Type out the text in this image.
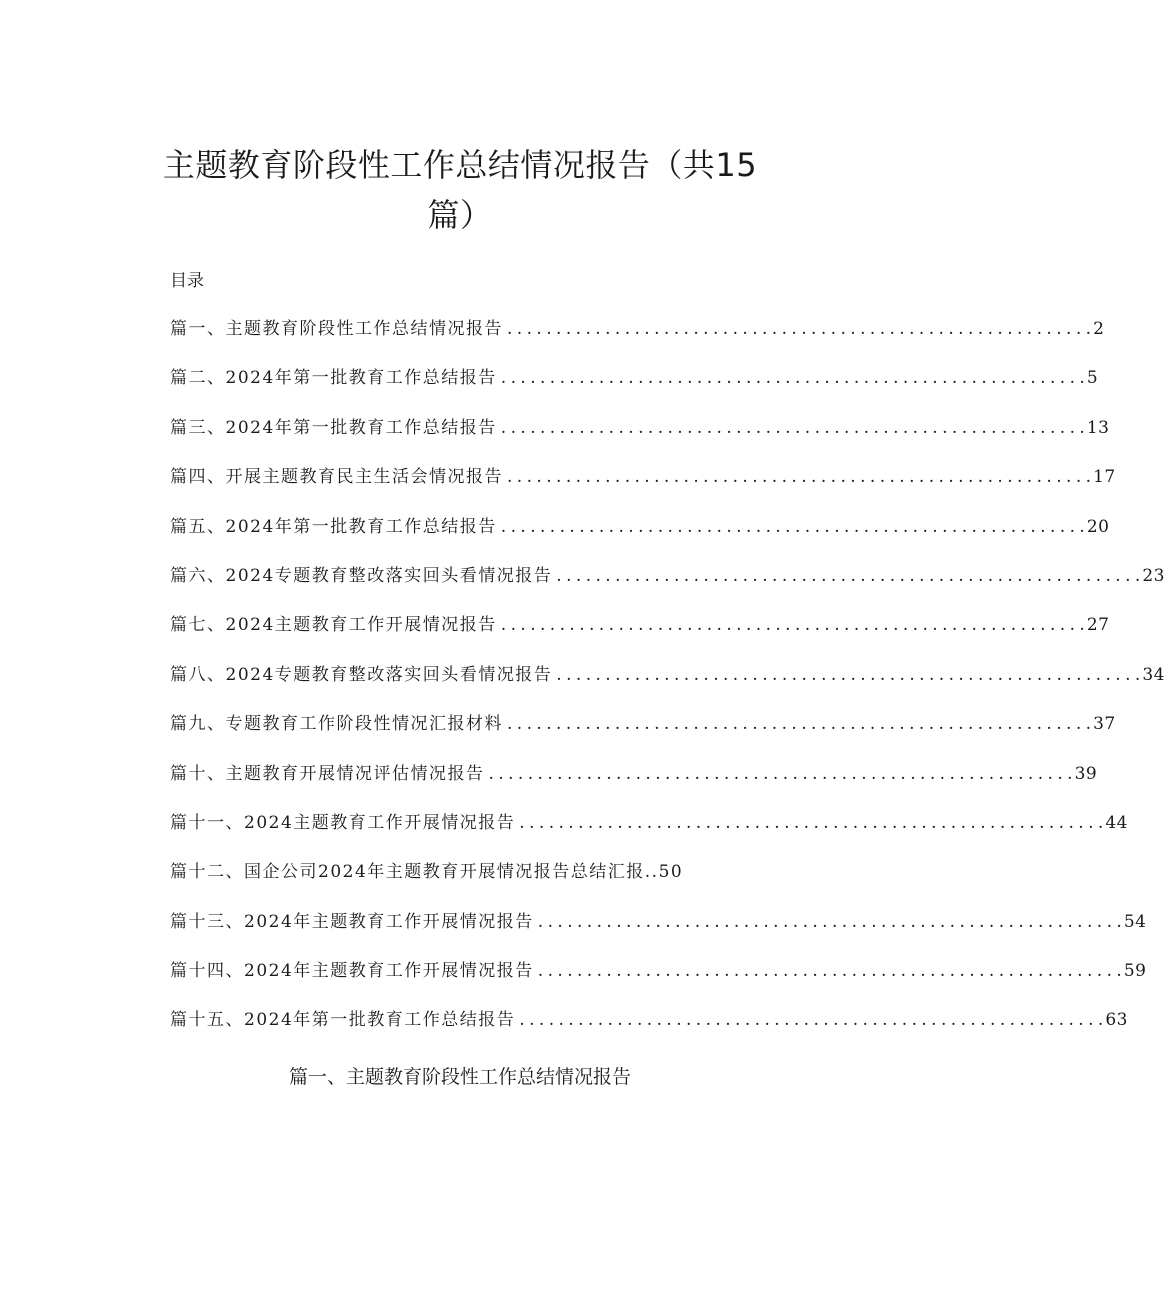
主题教育阶段性工作总结情况报告（共15篇）
目录
篇一、主题教育阶段性工作总结情况报告 . . .	2
篇二、2024年第一批教育工作总结报告 . . .	5
篇三、2024年第一批教育工作总结报告 . . .	13
篇四、开展主题教育民主生活会情况报告 . . .	17
篇五、2024年第一批教育工作总结报告 . . .	20
篇六、2024专题教育整改落实回头看情况报告 . . .	23
篇七、2024主题教育工作开展情况报告 . . .	27
篇八、2024专题教育整改落实回头看情况报告 . . .	34
篇九、专题教育工作阶段性情况汇报材料 . . .	37
篇十、主题教育开展情况评估情况报告 . . .	39
篇十一、2024主题教育工作开展情况报告 . . .	44
篇十二、国企公司2024年主题教育开展情况报告总结汇报..50
篇十三、2024年主题教育工作开展情况报告 . . .	54
篇十四、2024年主题教育工作开展情况报告 . . .	59
篇十五、2024年第一批教育工作总结报告 . . .	63
篇一、主题教育阶段性工作总结情况报告
